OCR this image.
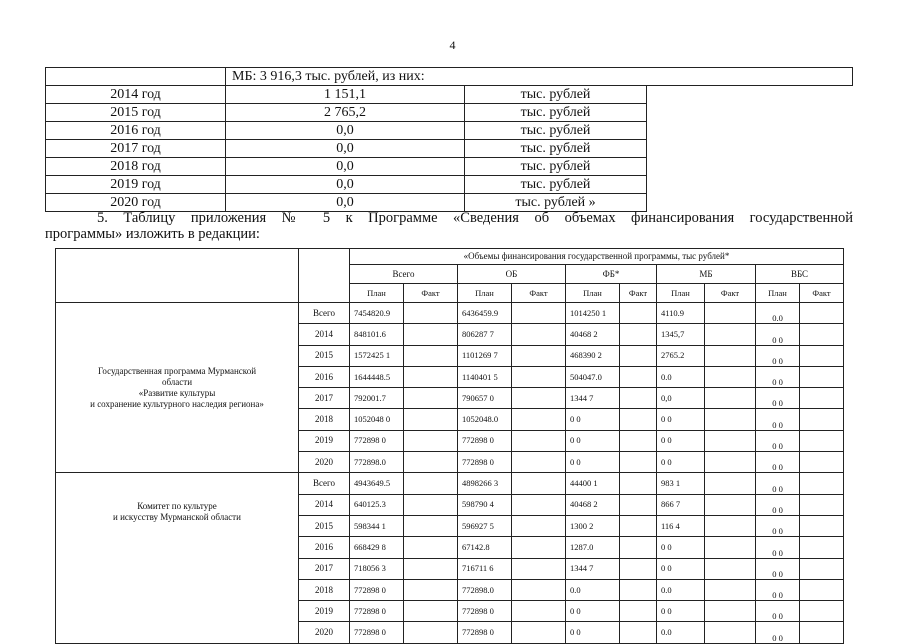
4
	МБ: 3 916,3 тыс. рублей, из них:	
2014 год	1 151,1	тыс. рублей
2015 год	2 765,2	тыс. рублей
2016 год	0,0	тыс. рублей
2017 год	0,0	тыс. рублей
2018 год	0,0	тыс. рублей
2019 год	0,0	тыс. рублей
2020 год	0,0	тыс. рублей »
5. Таблицу приложения № 5 к Программе «Сведения об объемах финансирования государственной
программы» изложить в редакции:
		«Объемы финансирования государственной программы, тыс рублей*									
		Всего		ОБ		ФБ*		МБ		ВБС	
		План	Факт	План	Факт	План	Факт	План	Факт	План	Факт

Государственная программа Мурманской
области
«Развитие культуры
и сохранение культурного наследия региона»	Всего	7454820.9		6436459.9		1014250 1		4110.9		0.0	
	2014	848101.6		806287 7		40468 2		1345,7		0 0	
	2015	1572425 1		1101269 7		468390 2		2765.2		0 0	
	2016	1644448.5		1140401 5		504047.0		0.0		0 0	
	2017	792001.7		790657 0		1344 7		0,0		0 0	
	2018	1052048 0		1052048.0		0 0		0 0		0 0	
	2019	772898 0		772898 0		0 0		0 0		0 0	
	2020	772898.0		772898 0		0 0		0 0		0 0	

Комитет по культуре
и искусству Мурманской области	Всего	4943649.5		4898266 3		44400 1		983 1		0 0	
	2014	640125.3		598790 4		40468 2		866 7		0 0	
	2015	598344 1		596927 5		1300 2		116 4		0 0	
	2016	668429 8		67142.8		1287.0		0 0		0 0	
	2017	718056 3		716711 6		1344 7		0 0		0 0	
	2018	772898 0		772898.0		0.0		0.0		0 0	
	2019	772898 0		772898 0		0 0		0 0		0 0	
	2020	772898 0		772898 0		0 0		0.0		0 0	
